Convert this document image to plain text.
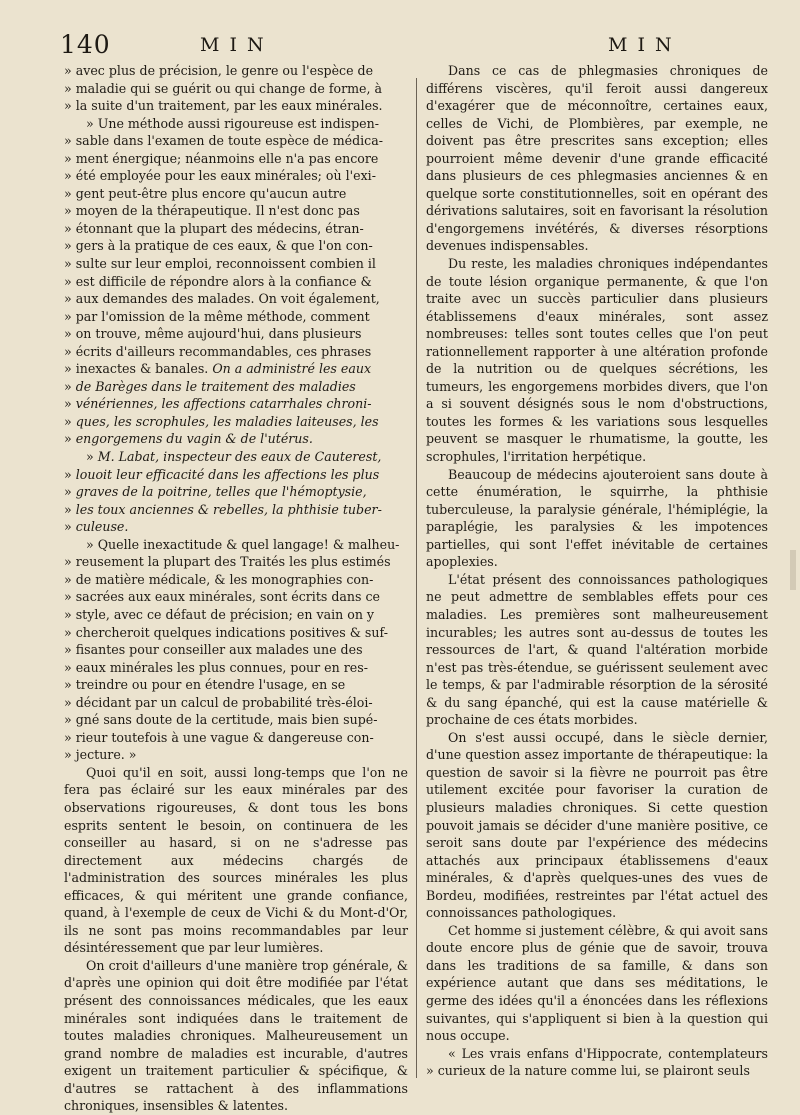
140	MIN	MIN
» avec plus de précision, le genre ou l'espèce de
» maladie qui se guérit ou qui change de forme, à
» la suite d'un traitement, par les eaux minérales.
» Une méthode aussi rigoureuse est indispen-
» sable dans l'examen de toute espèce de médica-
» ment énergique; néanmoins elle n'a pas encore
» été employée pour les eaux minérales; où l'exi-
» gent peut-être plus encore qu'aucun autre
» moyen de la thérapeutique. Il n'est donc pas
» étonnant que la plupart des médecins, étran-
» gers à la pratique de ces eaux, & que l'on con-
» sulte sur leur emploi, reconnoissent combien il
» est difficile de répondre alors à la confiance &
» aux demandes des malades. On voit également,
» par l'omission de la même méthode, comment
» on trouve, même aujourd'hui, dans plusieurs
» écrits d'ailleurs recommandables, ces phrases
» inexactes & banales. On a administré les eaux
» de Barèges dans le traitement des maladies
» vénériennes, les affections catarrhales chroni-
» ques, les scrophules, les maladies laiteuses, les
» engorgemens du vagin & de l'utérus.
» M. Labat, inspecteur des eaux de Cauterest,
» louoit leur efficacité dans les affections les plus
» graves de la poitrine, telles que l'hémoptysie,
» les toux anciennes & rebelles, la phthisie tuber-
» culeuse.
» Quelle inexactitude & quel langage! & malheu-
» reusement la plupart des Traités les plus estimés
» de matière médicale, & les monographies con-
» sacrées aux eaux minérales, sont écrits dans ce
» style, avec ce défaut de précision; en vain on y
» chercheroit quelques indications positives & suf-
» fisantes pour conseiller aux malades une des
» eaux minérales les plus connues, pour en res-
» treindre ou pour en étendre l'usage, en se
» décidant par un calcul de probabilité très-éloi-
» gné sans doute de la certitude, mais bien supé-
» rieur toutefois à une vague & dangereuse con-
» jecture. »

Quoi qu'il en soit, aussi long-temps que l'on ne fera pas éclairé sur les eaux minérales par des observations rigoureuses, & dont tous les bons esprits sentent le besoin, on continuera de les conseiller au hasard, si on ne s'adresse pas directement aux médecins chargés de l'administration des sources minérales les plus efficaces, & qui méritent une grande confiance, quand, à l'exemple de ceux de Vichi & du Mont-d'Or, ils ne sont pas moins recommandables par leur désintéressement que par leur lumières.

On croit d'ailleurs d'une manière trop générale, & d'après une opinion qui doit être modifiée par l'état présent des connoissances médicales, que les eaux minérales sont indiquées dans le traitement de toutes maladies chroniques. Malheureusement un grand nombre de maladies est incurable, d'autres exigent un traitement particulier & spécifique, & d'autres se rattachent à des inflammations chroniques, insensibles & latentes.

Dans ce cas de phlegmasies chroniques de différens viscères, qu'il feroit aussi dangereux d'exagérer que de méconnoître, certaines eaux, celles de Vichi, de Plombières, par exemple, ne doivent pas être prescrites sans exception; elles pourroient même devenir d'une grande efficacité dans plusieurs de ces phlegmasies anciennes & en quelque sorte constitutionnelles, soit en opérant des dérivations salutaires, soit en favorisant la résolution d'engorgemens invétérés, & diverses résorptions devenues indispensables.

Du reste, les maladies chroniques indépendantes de toute lésion organique permanente, & que l'on traite avec un succès particulier dans plusieurs établissemens d'eaux minérales, sont assez nombreuses: telles sont toutes celles que l'on peut rationnellement rapporter à une altération profonde de la nutrition ou de quelques sécrétions, les tumeurs, les engorgemens morbides divers, que l'on a si souvent désignés sous le nom d'obstructions, toutes les formes & les variations sous lesquelles peuvent se masquer le rhumatisme, la goutte, les scrophules, l'irritation herpétique.

Beaucoup de médecins ajouteroient sans doute à cette énumération, le squirrhe, la phthisie tuberculeuse, la paralysie générale, l'hémiplégie, la paraplégie, les paralysies & les impotences partielles, qui sont l'effet inévitable de certaines apoplexies.

L'état présent des connoissances pathologiques ne peut admettre de semblables effets pour ces maladies. Les premières sont malheureusement incurables; les autres sont au-dessus de toutes les ressources de l'art, & quand l'altération morbide n'est pas très-étendue, se guérissent seulement avec le temps, & par l'admirable résorption de la sérosité & du sang épanché, qui est la cause matérielle & prochaine de ces états morbides.

On s'est aussi occupé, dans le siècle dernier, d'une question assez importante de thérapeutique: la question de savoir si la fièvre ne pourroit pas être utilement excitée pour favoriser la curation de plusieurs maladies chroniques. Si cette question pouvoit jamais se décider d'une manière positive, ce seroit sans doute par l'expérience des médecins attachés aux principaux établissemens d'eaux minérales, & d'après quelques-unes des vues de Bordeu, modifiées, restreintes par l'état actuel des connoissances pathologiques.

Cet homme si justement célèbre, & qui avoit sans doute encore plus de génie que de savoir, trouva dans les traditions de sa famille, & dans son expérience autant que dans ses méditations, le germe des idées qu'il a énoncées dans les réflexions suivantes, qui s'appliquent si bien à la question qui nous occupe.

« Les vrais enfans d'Hippocrate, contemplateurs » curieux de la nature comme lui, se plairont seuls
